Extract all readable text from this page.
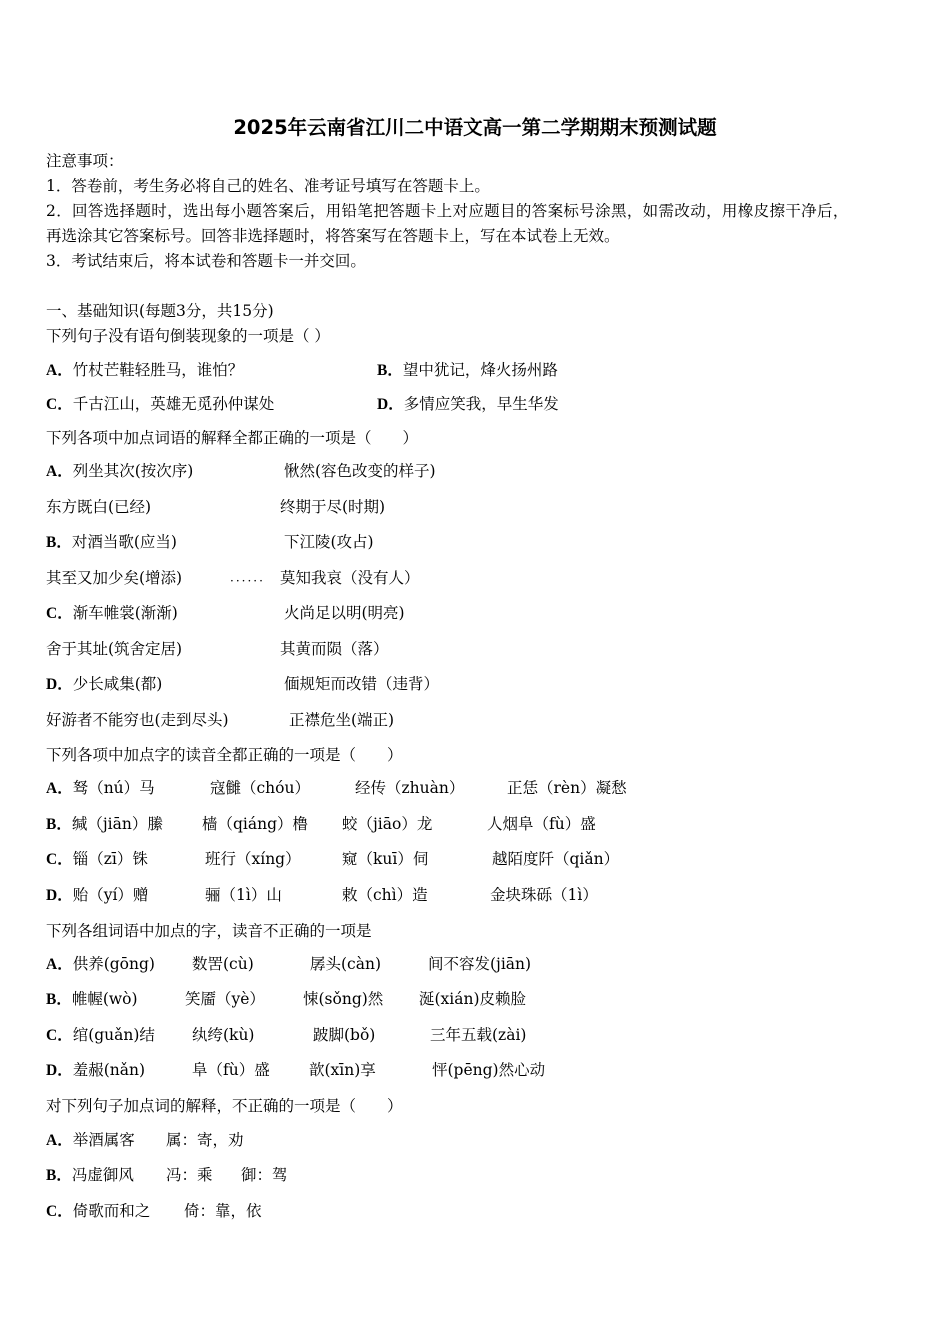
2025年云南省江川二中语文高一第二学期期末预测试题
注意事项：
1．答卷前，考生务必将自己的姓名、准考证号填写在答题卡上。
2．回答选择题时，选出每小题答案后，用铅笔把答题卡上对应题目的答案标号涂黑，如需改动，用橡皮擦干净后，
再选涂其它答案标号。回答非选择题时，将答案写在答题卡上，写在本试卷上无效。
3．考试结束后，将本试卷和答题卡一并交回。
一、基础知识(每题3分，共15分)
下列句子没有语句倒装现象的一项是（ ）
A．竹杖芒鞋轻胜马，谁怕？	B．望中犹记，烽火扬州路
C．千古江山，英雄无觅孙仲谋处	D．多情应笑我，早生华发
下列各项中加点词语的解释全都正确的一项是（　　）
A．列坐其次(按次序)	愀然(容色改变的样子)
东方既白(已经)	终期于尽(时期)
B．对酒当歌(应当)	下江陵(攻占)
其至又加少矣(增添)	莫知我哀（没有人）
······
C．渐车帷裳(渐渐)	火尚足以明(明亮)
舍于其址(筑舍定居)	其黄而陨（落）
D．少长咸集(都)	偭规矩而改错（违背）
好游者不能穷也(走到尽头)	正襟危坐(端正)
下列各项中加点字的读音全都正确的一项是（　　）
A．驽（nú）马	寇雠（chóu）	经传（zhuàn）	正恁（rèn）凝愁
B．缄（jiān）縢	樯（qiáng）橹 蛟（jiāo）龙	人烟阜（fù）盛
C．锱（zī）铢	班行（xíng）	窥（kuī）伺	越陌度阡（qiǎn）
D．贻（yí）赠	骊（1ì）山	敕（chì）造	金块珠砾（1ì）
下列各组词语中加点的字，读音不正确的一项是
A．供养(gōng) 数罟(cù)	孱头(càn)	间不容发(jiān)
B．帷幄(wò)	笑靥（yè） 悚(sǒng)然 涎(xián)皮赖脸
C．绾(guǎn)结 纨绔(kù)	跛脚(bǒ)	三年五载(zài)
D．羞赧(nǎn)	阜（fù）盛	歆(xīn)享	怦(pēng)然心动
对下列句子加点词的解释，不正确的一项是（　　）
A．举酒属客 属：寄，劝
B．冯虚御风 冯：乘 御：驾
C．倚歌而和之 倚：靠，依
